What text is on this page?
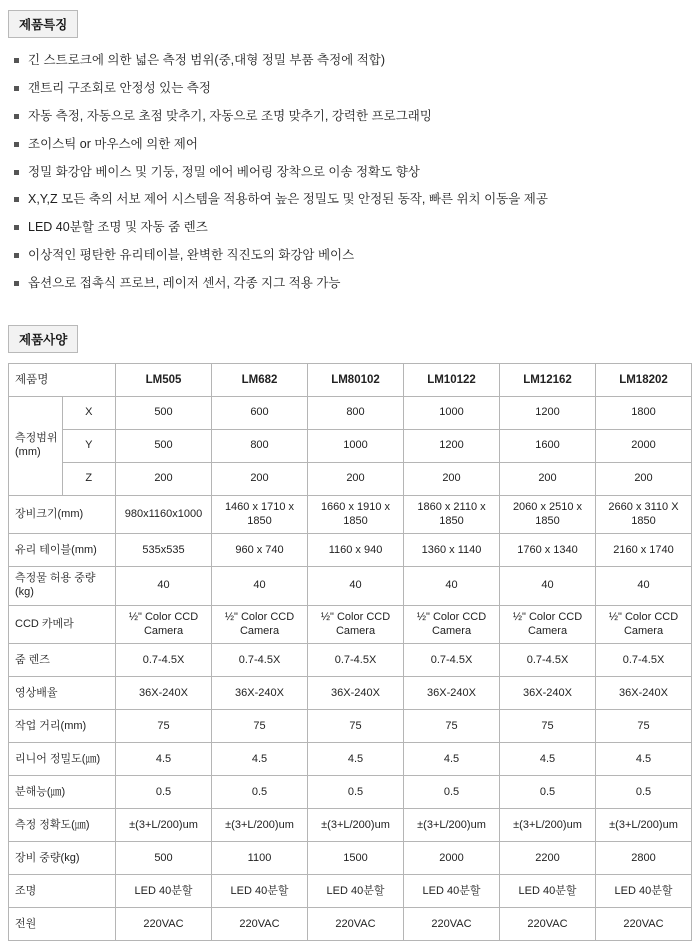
제품특징
긴 스트로크에 의한 넓은 측정 범위(중,대형 정밀 부품 측정에 적합)
갠트리 구조회로 안정성 있는 측정
자동 측정, 자동으로 초점 맞추기, 자동으로 조명 맞추기, 강력한 프로그래밍
조이스틱 or 마우스에 의한 제어
정밀 화강암 베이스 및 기둥, 정밀 에어 베어링 장착으로 이송 정확도 향상
X,Y,Z 모든 축의 서보 제어 시스템을 적용하여 높은 정밀도 및 안정된 동작, 빠른 위치 이동을 제공
LED 40분할 조명 및 자동 줌 렌즈
이상적인 평탄한 유리테이블, 완벽한 직진도의 화강암 베이스
옵션으로 접촉식 프로브, 레이저 센서, 각종 지그 적용 가능
제품사양
제품명		LM505	LM682	LM80102	LM10122	LM12162	LM18202

측정범위
(mm)	X	500	600	800	1000	1200	1800
	Y	500	800	1000	1200	1600	2000
	Z	200	200	200	200	200	200
장비크기(mm)		980x1160x1000	1460 x 1710 x 1850	1660 x 1910 x 1850	1860 x 2110 x 1850	2060 x 2510 x 1850	2660 x 3110 X 1850
유리 테이블(mm)		535x535	960 x 740	1160 x 940	1360 x 1140	1760 x 1340	2160 x 1740
측정물 허용 중량(kg)		40	40	40	40	40	40
CCD 카메라		½" Color CCD Camera	½" Color CCD Camera	½" Color CCD Camera	½" Color CCD Camera	½" Color CCD Camera	½" Color CCD Camera
줌 렌즈		0.7-4.5X	0.7-4.5X	0.7-4.5X	0.7-4.5X	0.7-4.5X	0.7-4.5X
영상배율		36X-240X	36X-240X	36X-240X	36X-240X	36X-240X	36X-240X
작업 거리(mm)		75	75	75	75	75	75
리니어 정밀도(㎛)		4.5	4.5	4.5	4.5	4.5	4.5
분해능(㎛)		0.5	0.5	0.5	0.5	0.5	0.5
측정 정확도(㎛)		±(3+L/200)um	±(3+L/200)um	±(3+L/200)um	±(3+L/200)um	±(3+L/200)um	±(3+L/200)um
장비 중량(kg)		500	1100	1500	2000	2200	2800
조명		LED 40분할	LED 40분할	LED 40분할	LED 40분할	LED 40분할	LED 40분할
전원		220VAC	220VAC	220VAC	220VAC	220VAC	220VAC
